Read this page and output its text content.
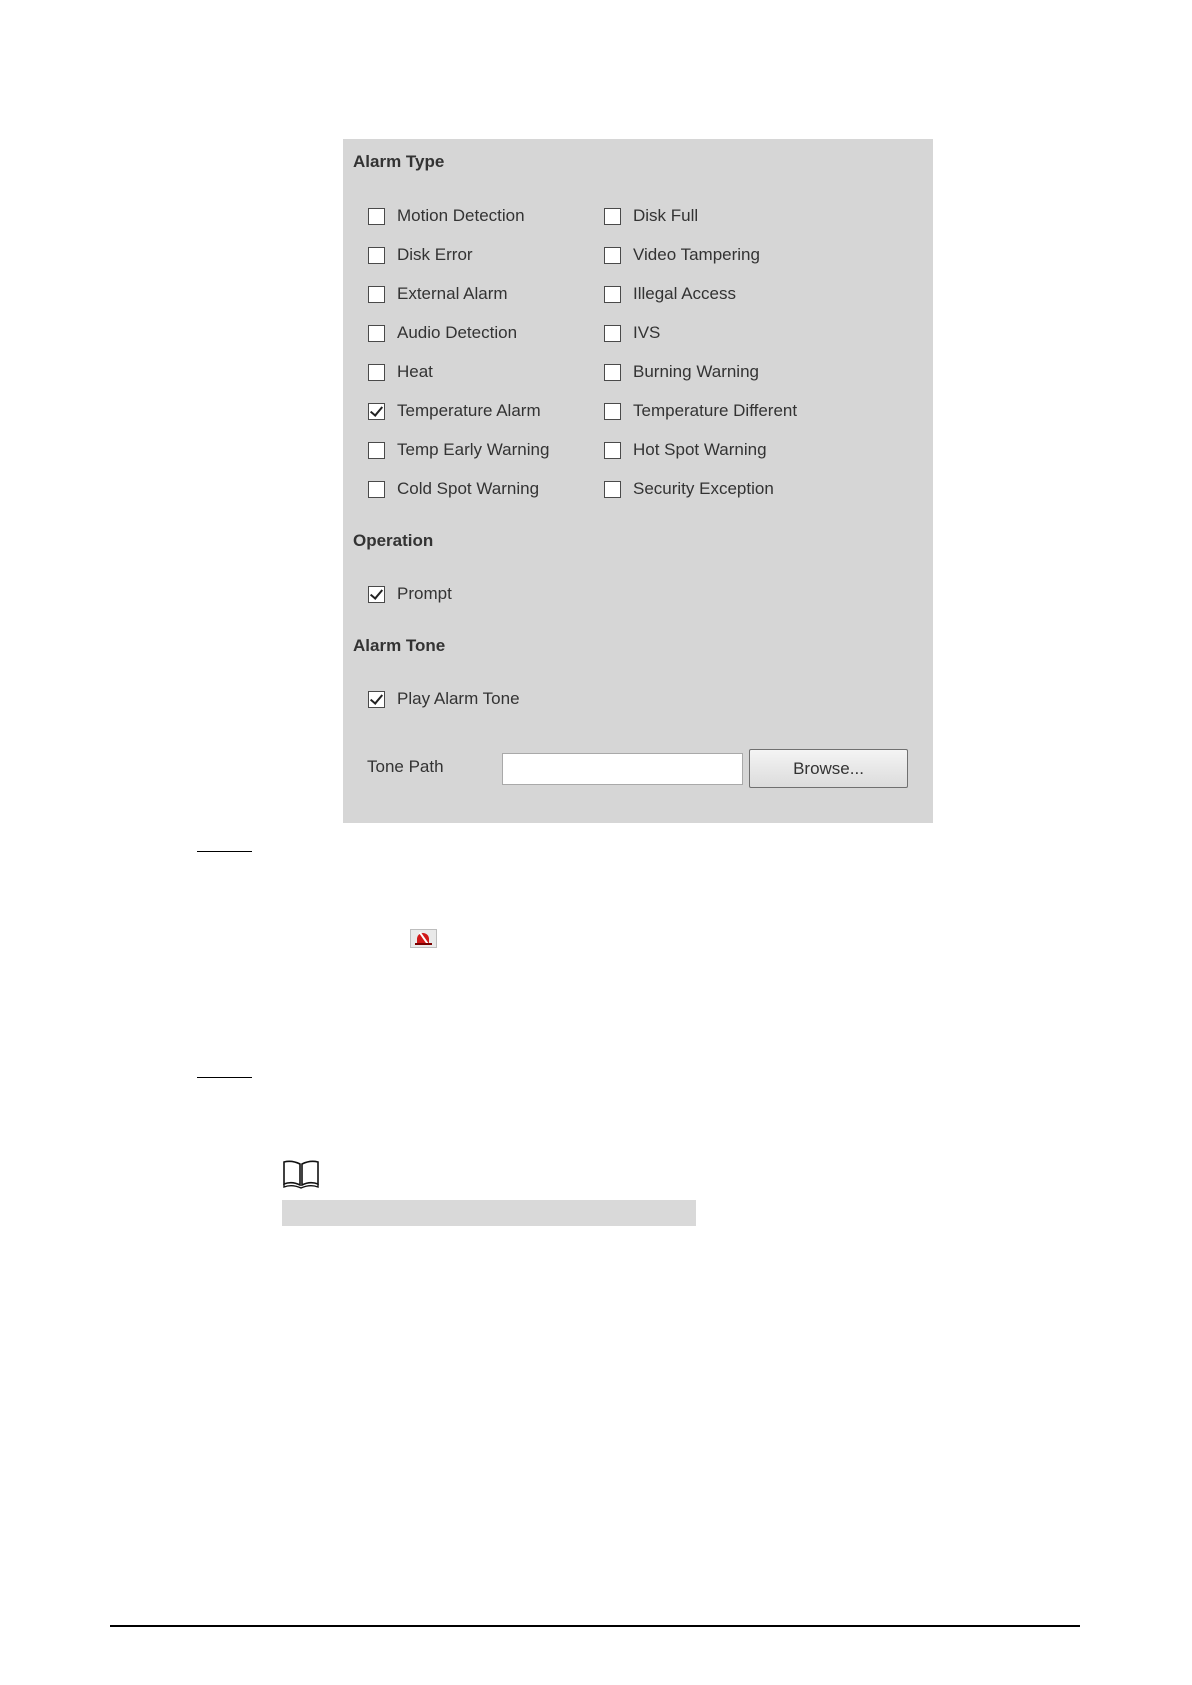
Alarm Type
Motion Detection
Disk Error
External Alarm
Audio Detection
Heat
Temperature Alarm
Temp Early Warning
Cold Spot Warning
Disk Full
Video Tampering
Illegal Access
IVS
Burning Warning
Temperature Different
Hot Spot Warning
Security Exception
Operation
Prompt
Alarm Tone
Play Alarm Tone
Tone Path	Browse...
